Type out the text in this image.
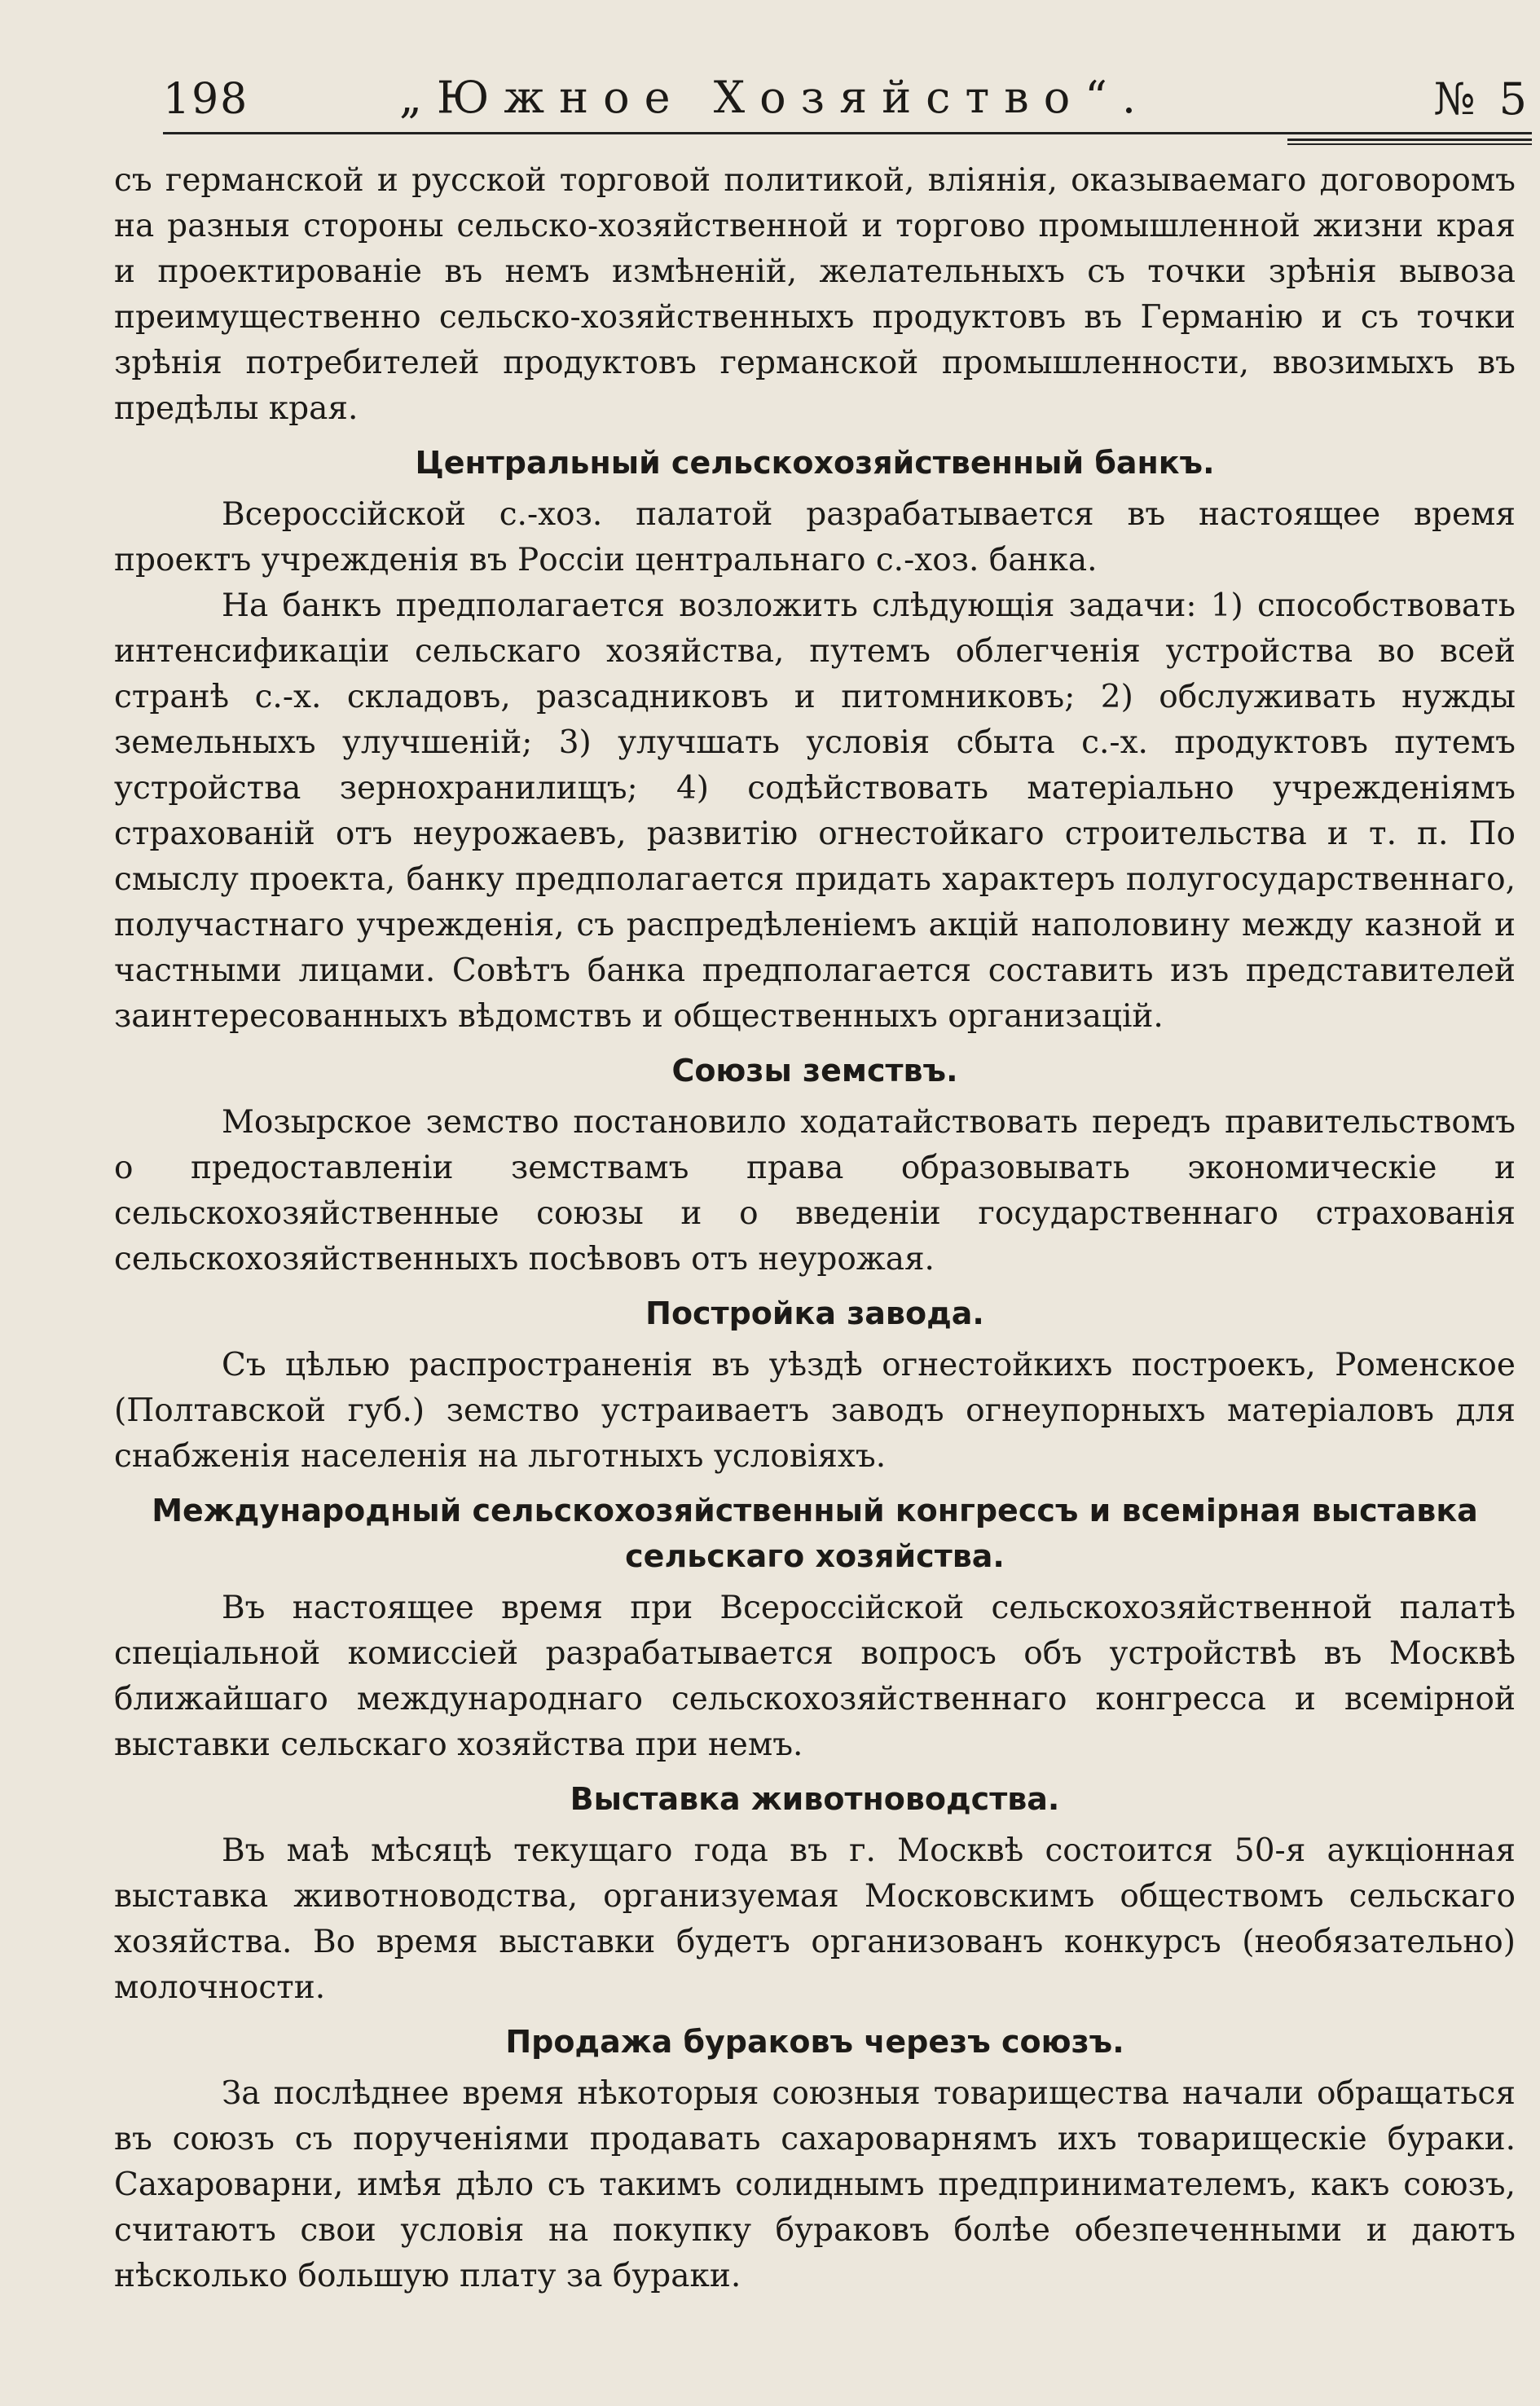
198	„Южное Хозяйство“.	№ 5

съ германской и русской торговой политикой, вліянія, оказываемаго договоромъ на разныя стороны сельско-хозяйственной и торгово промышленной жизни края и проектированіе въ немъ измѣненій, желательныхъ съ точки зрѣнія вывоза преимущественно сельско-хозяйственныхъ продуктовъ въ Германію и съ точки зрѣнія потребителей продуктовъ германской промышленности, ввозимыхъ въ предѣлы края.

Центральный сельскохозяйственный банкъ.

Всероссійской с.-хоз. палатой разрабатывается въ настоящее время проектъ учрежденія въ Россіи центральнаго с.-хоз. банка.

На банкъ предполагается возложить слѣдующія задачи: 1) способствовать интенсификаціи сельскаго хозяйства, путемъ облегченія устройства во всей странѣ с.-х. складовъ, разсадниковъ и питомниковъ; 2) обслуживать нужды земельныхъ улучшеній; 3) улучшать условія сбыта с.-х. продуктовъ путемъ устройства зернохранилищъ; 4) содѣйствовать матеріально учрежденіямъ страхованій отъ неурожаевъ, развитію огнестойкаго строительства и т. п. По смыслу проекта, банку предполагается придать характеръ полугосударственнаго, получастнаго учрежденія, съ распредѣленіемъ акцій наполовину между казной и частными лицами. Совѣтъ банка предполагается составить изъ представителей заинтересованныхъ вѣдомствъ и общественныхъ организацій.

Союзы земствъ.

Мозырское земство постановило ходатайствовать передъ правительствомъ о предоставленіи земствамъ права образовывать экономическіе и сельскохозяйственные союзы и о введеніи государственнаго страхованія сельскохозяйственныхъ посѣвовъ отъ неурожая.

Постройка завода.

Съ цѣлью распространенія въ уѣздѣ огнестойкихъ построекъ, Роменское (Полтавской губ.) земство устраиваетъ заводъ огнеупорныхъ матеріаловъ для снабженія населенія на льготныхъ условіяхъ.

Международный сельскохозяйственный конгрессъ и всемірная выставка сельскаго хозяйства.

Въ настоящее время при Всероссійской сельскохозяйственной палатѣ спеціальной комиссіей разрабатывается вопросъ объ устройствѣ въ Москвѣ ближайшаго международнаго сельскохозяйственнаго конгресса и всемірной выставки сельскаго хозяйства при немъ.

Выставка животноводства.

Въ маѣ мѣсяцѣ текущаго года въ г. Москвѣ состоится 50-я аукціонная выставка животноводства, организуемая Московскимъ обществомъ сельскаго хозяйства. Во время выставки будетъ организованъ конкурсъ (необязательно) молочности.

Продажа бураковъ черезъ союзъ.

За послѣднее время нѣкоторыя союзныя товарищества начали обращаться въ союзъ съ порученіями продавать сахароварнямъ ихъ товарищескіе бураки. Сахароварни, имѣя дѣло съ такимъ солиднымъ предпринимателемъ, какъ союзъ, считаютъ свои условія на покупку бураковъ болѣе обезпеченными и даютъ нѣсколько большую плату за бураки.
